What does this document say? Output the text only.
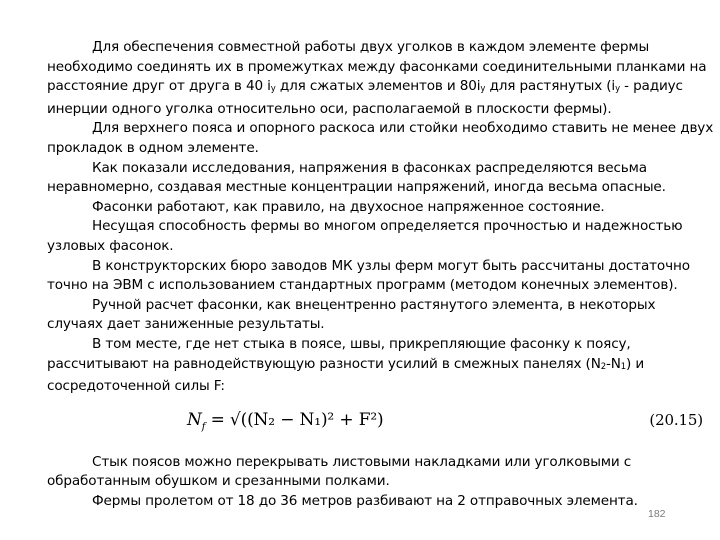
Для обеспечения совместной работы двух уголков в каждом элементе фермы необходимо соединять их в промежутках между фасонками соединительными планками на расстояние друг от друга в 40 iy для сжатых элементов и 80iy для растянутых (iy - радиус инерции одного уголка относительно оси, располагаемой в плоскости фермы).

Для верхнего пояса и опорного раскоса или стойки необходимо ставить не менее двух прокладок в одном элементе.

Как показали исследования, напряжения в фасонках распределяются весьма неравномерно, создавая местные концентрации напряжений, иногда весьма опасные.

Фасонки работают, как правило, на двухосное напряженное состояние.

Несущая способность фермы во многом определяется прочностью и надежностью узловых фасонок.

В конструкторских бюро заводов МК узлы ферм могут быть рассчитаны достаточно точно на ЭВМ с использованием стандартных программ (методом конечных элементов).

Ручной расчет фасонки, как внецентренно растянутого элемента, в некоторых случаях дает заниженные результаты.

В том месте, где нет стыка в поясе, швы, прикрепляющие фасонку к поясу, рассчитывают на равнодействующую разности усилий в смежных панелях (N2-N1) и сосредоточенной силы F:

$N_f = √((N_2 - N_1)^2 + F^2)$	(20.15)

Стык поясов можно перекрывать листовыми накладками или уголковыми с обработанным обушком и срезанными полками.

Фермы пролетом от 18 до 36 метров разбивают на 2 отправочных элемента.

182
